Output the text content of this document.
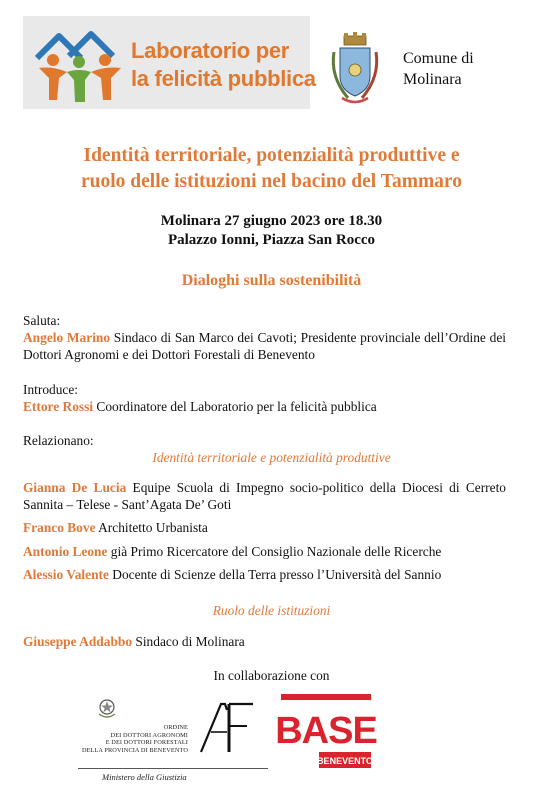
Laboratorio per
la felicità pubblica
Comune di
Molinara
Identità territoriale, potenzialità produttive e
ruolo delle istituzioni nel bacino del Tammaro
Molinara 27 giugno 2023 ore 18.30
Palazzo Ionni, Piazza San Rocco
Dialoghi sulla sostenibilità
Saluta:
Angelo Marino Sindaco di San Marco dei Cavoti; Presidente provinciale dell’Ordine dei Dottori Agronomi e dei Dottori Forestali di Benevento
Introduce:
Ettore Rossi Coordinatore del Laboratorio per la felicità pubblica
Relazionano:
Identità territoriale e potenzialità produttive
Gianna De Lucia Equipe Scuola di Impegno socio-politico della Diocesi di Cerreto Sannita – Telese - Sant’Agata De’ Goti
Franco Bove Architetto Urbanista
Antonio Leone già Primo Ricercatore del Consiglio Nazionale delle Ricerche
Alessio Valente Docente di Scienze della Terra presso l’Università del Sannio
Ruolo delle istituzioni
Giuseppe Addabbo Sindaco di Molinara
In collaborazione con
ORDINE
DEI DOTTORI AGRONOMI
E DEI DOTTORI FORESTALI
DELLA PROVINCIA DI BENEVENTO
Ministero della Giustizia
BASE
BENEVENTO
